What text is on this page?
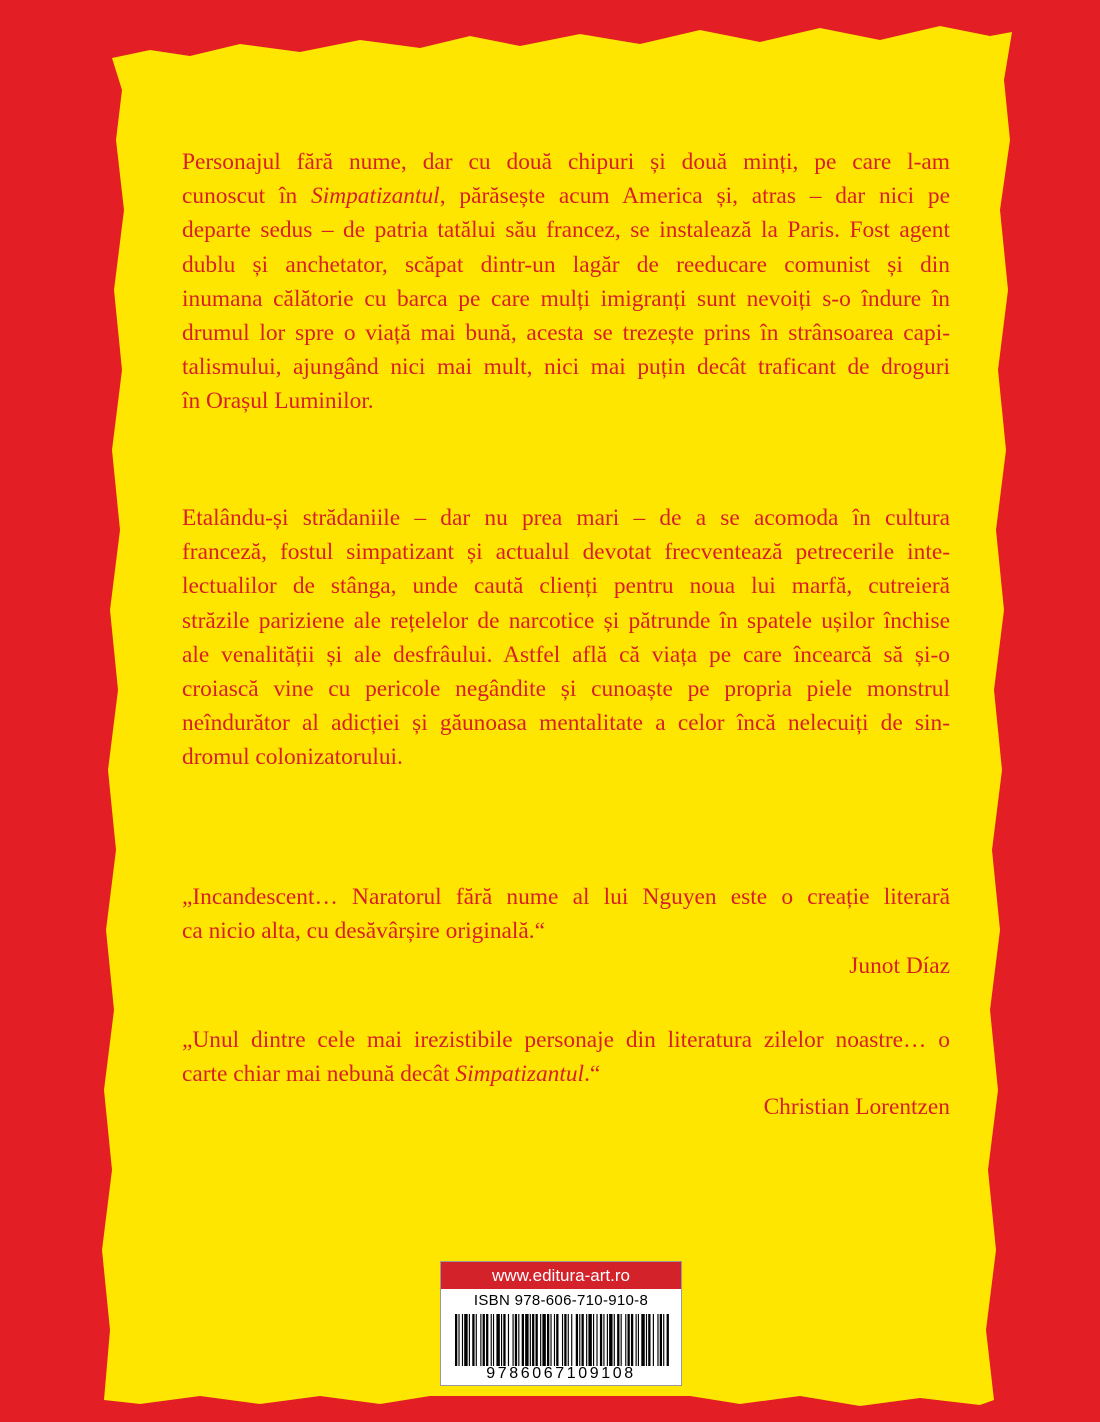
Personajul fără nume, dar cu două chipuri și două minți, pe care l-am
cunoscut în Simpatizantul, părăsește acum America și, atras – dar nici pe
departe sedus – de patria tatălui său francez, se instalează la Paris. Fost agent
dublu și anchetator, scăpat dintr-un lagăr de reeducare comunist și din
inumana călătorie cu barca pe care mulți imigranți sunt nevoiți s-o îndure în
drumul lor spre o viață mai bună, acesta se trezește prins în strânsoarea capi-
talismului, ajungând nici mai mult, nici mai puțin decât traficant de droguri
în Orașul Luminilor.
Etalându-și strădaniile – dar nu prea mari – de a se acomoda în cultura
franceză, fostul simpatizant și actualul devotat frecventează petrecerile inte-
lectualilor de stânga, unde caută clienți pentru noua lui marfă, cutreieră
străzile pariziene ale rețelelor de narcotice și pătrunde în spatele ușilor închise
ale venalității și ale desfrâului. Astfel află că viața pe care încearcă să și-o
croiască vine cu pericole negândite și cunoaște pe propria piele monstrul
neîndurător al adicției și găunoasa mentalitate a celor încă nelecuiți de sin-
dromul colonizatorului.
„Incandescent… Naratorul fără nume al lui Nguyen este o creație literară
ca nicio alta, cu desăvârșire originală.“
Junot Díaz
„Unul dintre cele mai irezistibile personaje din literatura zilelor noastre… o
carte chiar mai nebună decât Simpatizantul.“
Christian Lorentzen
www.editura-art.ro
ISBN 978-606-710-910-8
9786067109108
